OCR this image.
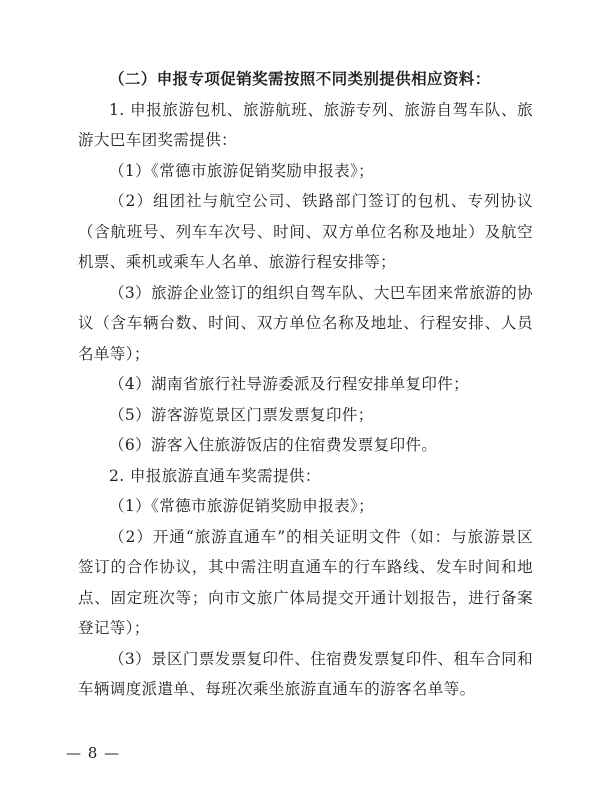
（二）申报专项促销奖需按照不同类别提供相应资料：

1. 申报旅游包机、旅游航班、旅游专列、旅游自驾车队、旅游大巴车团奖需提供：

（1）《常德市旅游促销奖励申报表》；

（2）组团社与航空公司、铁路部门签订的包机、专列协议（含航班号、列车车次号、时间、双方单位名称及地址）及航空机票、乘机或乘车人名单、旅游行程安排等；

（3）旅游企业签订的组织自驾车队、大巴车团来常旅游的协议（含车辆台数、时间、双方单位名称及地址、行程安排、人员名单等）；

（4）湖南省旅行社导游委派及行程安排单复印件；

（5）游客游览景区门票发票复印件；

（6）游客入住旅游饭店的住宿费发票复印件。

2. 申报旅游直通车奖需提供：

（1）《常德市旅游促销奖励申报表》；

（2）开通“旅游直通车”的相关证明文件（如：与旅游景区签订的合作协议，其中需注明直通车的行车路线、发车时间和地点、固定班次等；向市文旅广体局提交开通计划报告，进行备案登记等）；

（3）景区门票发票复印件、住宿费发票复印件、租车合同和车辆调度派遣单、每班次乘坐旅游直通车的游客名单等。

— 8 —
